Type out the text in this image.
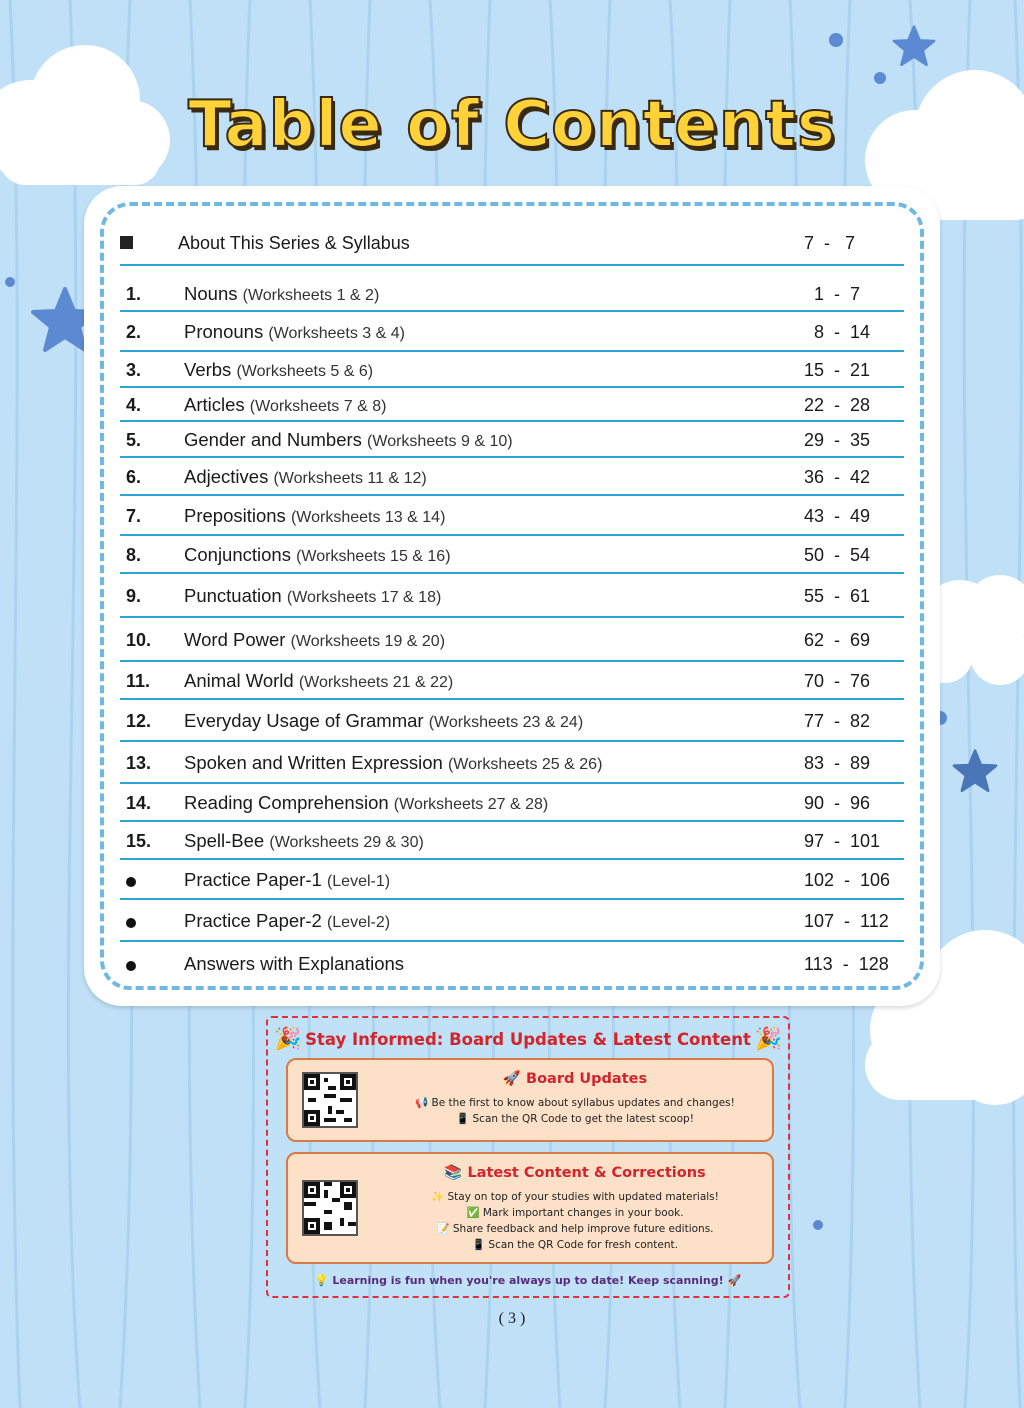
Table of Contents
About This Series & Syllabus	7  -   7
1.	Nouns (Worksheets 1 & 2)	1  -  7
2.	Pronouns (Worksheets 3 & 4)	8  -  14
3.	Verbs (Worksheets 5 & 6)	15  -  21
4.	Articles (Worksheets 7 & 8)	22  -  28
5.	Gender and Numbers (Worksheets 9 & 10)	29  -  35
6.	Adjectives (Worksheets 11 & 12)	36  -  42
7.	Prepositions (Worksheets 13 & 14)	43  -  49
8.	Conjunctions (Worksheets 15 & 16)	50  -  54
9.	Punctuation (Worksheets 17 & 18)	55  -  61
10.	Word Power (Worksheets 19 & 20)	62  -  69
11.	Animal World (Worksheets 21 & 22)	70  -  76
12.	Everyday Usage of Grammar (Worksheets 23 & 24)	77  -  82
13.	Spoken and Written Expression (Worksheets 25 & 26)	83  -  89
14.	Reading Comprehension (Worksheets 27 & 28)	90  -  96
15.	Spell-Bee (Worksheets 29 & 30)	97  -  101
Practice Paper-1 (Level-1)	102  -  106
Practice Paper-2 (Level-2)	107  -  112
Answers with Explanations	113  -  128
🎉	🎉
Stay Informed: Board Updates & Latest Content
🚀 Board Updates
📢 Be the first to know about syllabus updates and changes!
📱 Scan the QR Code to get the latest scoop!
📚 Latest Content & Corrections
✨ Stay on top of your studies with updated materials!
✅ Mark important changes in your book.
📝 Share feedback and help improve future editions.
📱 Scan the QR Code for fresh content.
💡 Learning is fun when you're always up to date! Keep scanning! 🚀
( 3 )
